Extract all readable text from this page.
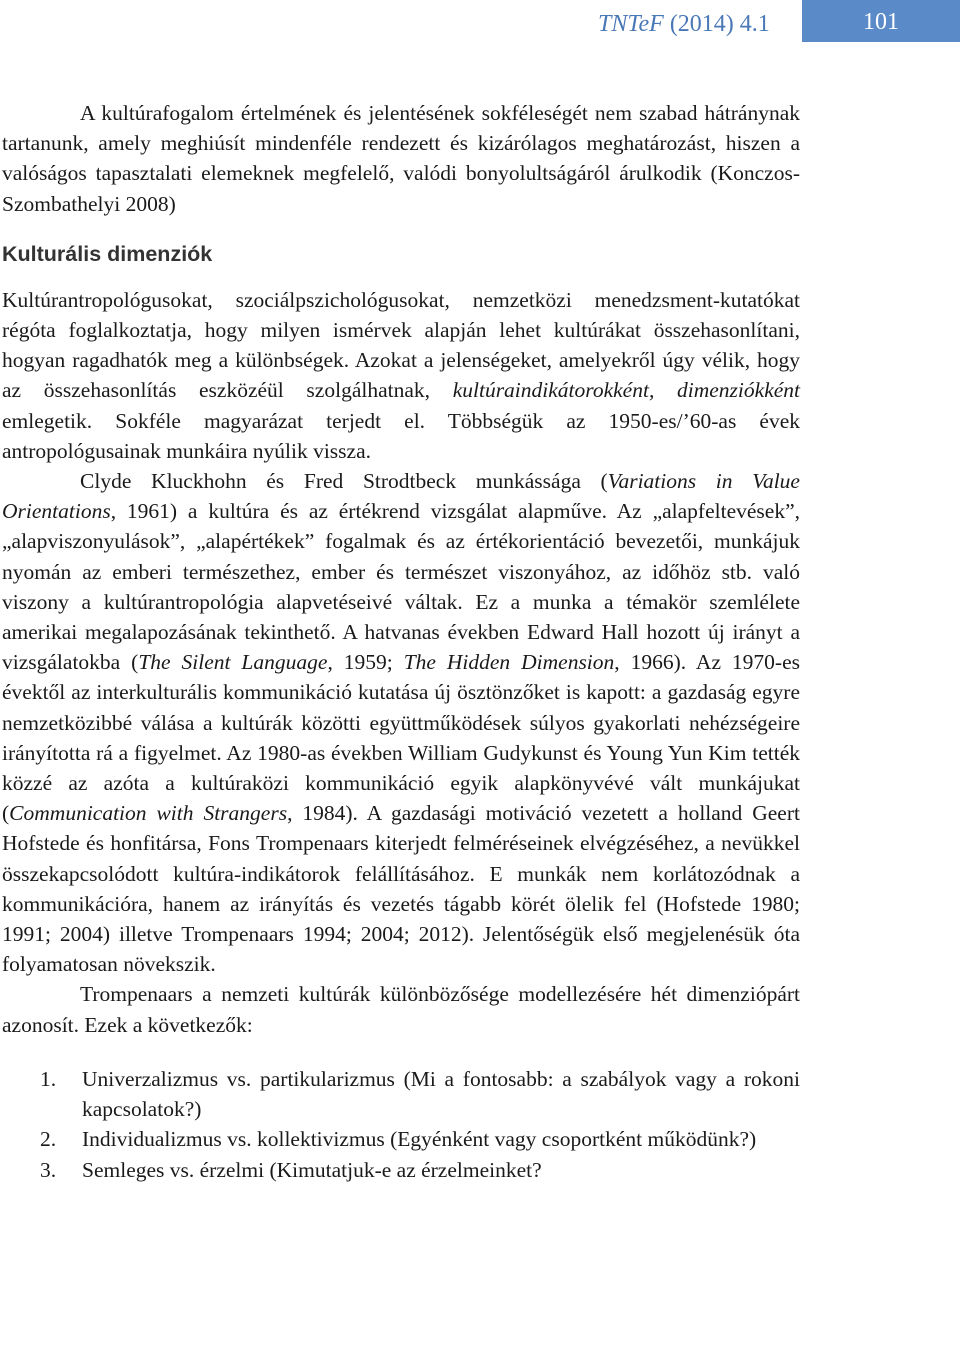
TNTeF (2014) 4.1	101

A kultúrafogalom értelmének és jelentésének sokféleségét nem szabad hátránynak tartanunk, amely meghiúsít mindenféle rendezett és kizárólagos meghatározást, hiszen a valóságos tapasztalati elemeknek megfelelő, valódi bonyolultságáról árulkodik (Konczos-Szombathelyi 2008)

Kulturális dimenziók

Kultúrantropológusokat, szociálpszichológusokat, nemzetközi menedzsment-kutatókat régóta foglalkoztatja, hogy milyen ismérvek alapján lehet kultúrákat összehasonlítani, hogyan ragadhatók meg a különbségek. Azokat a jelenségeket, amelyekről úgy vélik, hogy az összehasonlítás eszközéül szolgálhatnak, kultúraindikátorokként, dimenziókként emlegetik. Sokféle magyarázat terjedt el. Többségük az 1950-es/’60-as évek antropológusainak munkáira nyúlik vissza.

Clyde Kluckhohn és Fred Strodtbeck munkássága (Variations in Value Orientations, 1961) a kultúra és az értékrend vizsgálat alapműve. Az „alapfeltevések”, „alapviszonyulások”, „alapértékek” fogalmak és az értékorientáció bevezetői, munkájuk nyomán az emberi természethez, ember és természet viszonyához, az időhöz stb. való viszony a kultúrantropológia alapvetéseivé váltak. Ez a munka a témakör szemlélete amerikai megalapozásának tekinthető. A hatvanas években Edward Hall hozott új irányt a vizsgálatokba (The Silent Language, 1959; The Hidden Dimension, 1966). Az 1970-es évektől az interkulturális kommunikáció kutatása új ösztönzőket is kapott: a gazdaság egyre nemzetközibbé válása a kultúrák közötti együttműködések súlyos gyakorlati nehézségeire irányította rá a figyelmet. Az 1980-as években William Gudykunst és Young Yun Kim tették közzé az azóta a kultúraközi kommunikáció egyik alapkönyvévé vált munkájukat (Communication with Strangers, 1984). A gazdasági motiváció vezetett a holland Geert Hofstede és honfitársa, Fons Trompenaars kiterjedt felméréseinek elvégzéséhez, a nevükkel összekapcsolódott kultúra-indikátorok felállításához. E munkák nem korlátozódnak a kommunikációra, hanem az irányítás és vezetés tágabb körét ölelik fel (Hofstede 1980; 1991; 2004) illetve Trompenaars 1994; 2004; 2012). Jelentőségük első megjelenésük óta folyamatosan növekszik.

Trompenaars a nemzeti kultúrák különbözősége modellezésére hét dimenziópárt azonosít. Ezek a következők:

1. Univerzalizmus vs. partikularizmus (Mi a fontosabb: a szabályok vagy a rokoni kapcsolatok?)
2. Individualizmus vs. kollektivizmus (Egyénként vagy csoportként működünk?)
3. Semleges vs. érzelmi (Kimutatjuk-e az érzelmeinket?
